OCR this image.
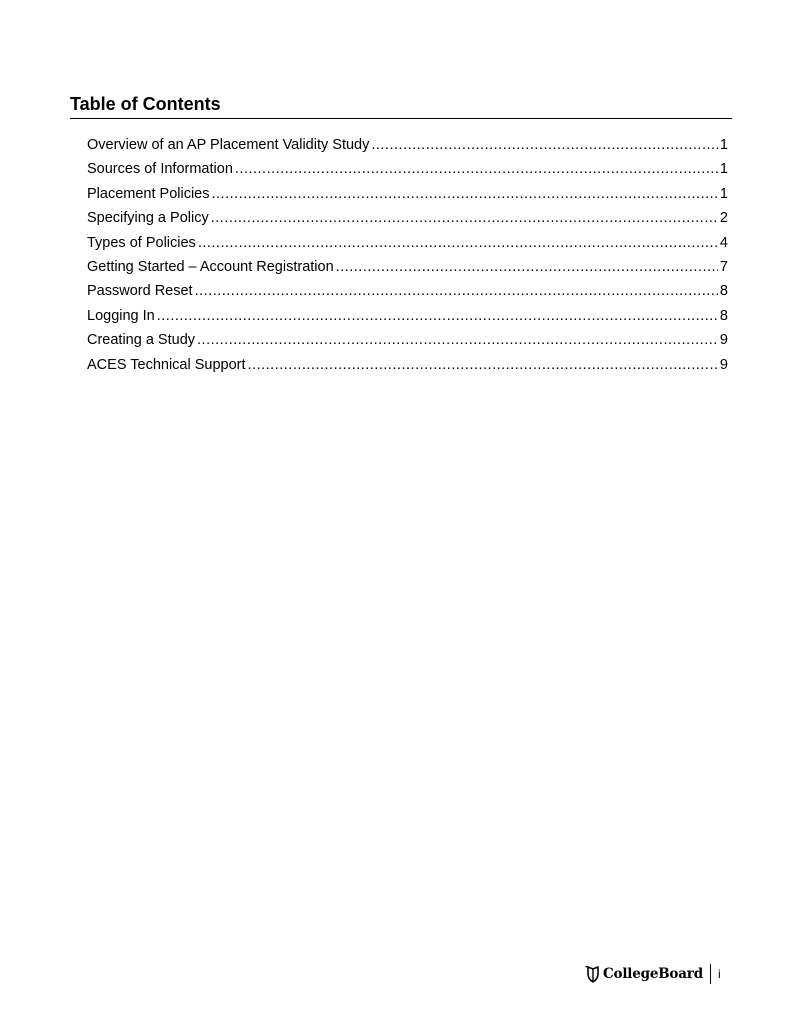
Table of Contents
Overview of an AP Placement Validity Study .....	1
Sources of Information .....	1
Placement Policies .....	1
Specifying a Policy .....	2
Types of Policies .....	4
Getting Started – Account Registration .....	7
Password Reset .....	8
Logging In .....	8
Creating a Study .....	9
ACES Technical Support .....	9
CollegeBoard i
